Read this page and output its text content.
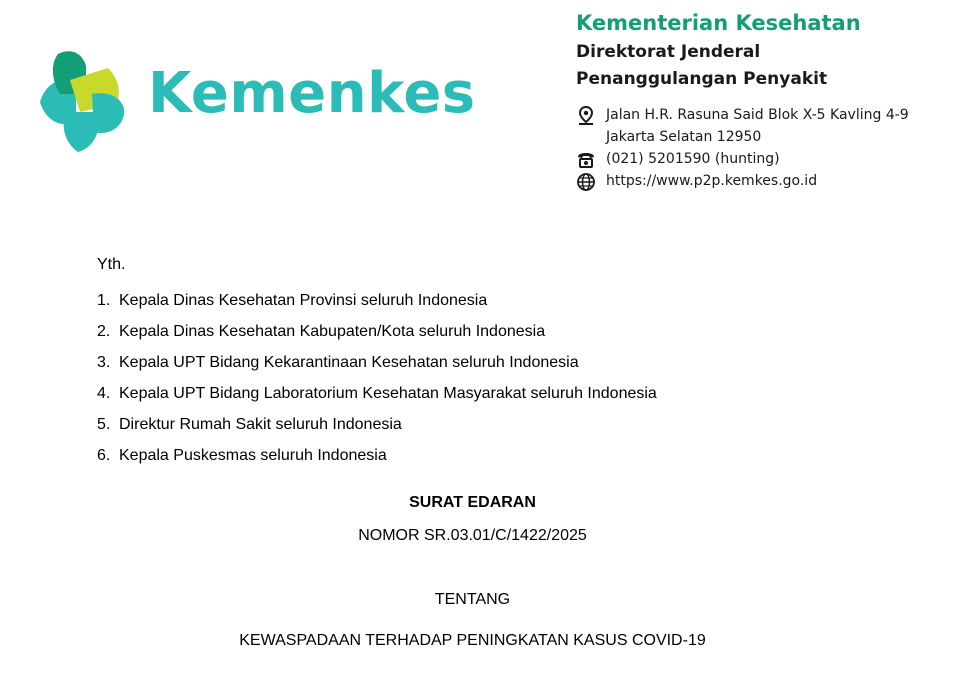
Kemenkes
Kementerian Kesehatan
Direktorat Jenderal
Penanggulangan Penyakit
Jalan H.R. Rasuna Said Blok X-5 Kavling 4-9
Jakarta Selatan 12950
(021) 5201590 (hunting)
https://www.p2p.kemkes.go.id
Yth.
1. Kepala Dinas Kesehatan Provinsi seluruh Indonesia
2. Kepala Dinas Kesehatan Kabupaten/Kota seluruh Indonesia
3. Kepala UPT Bidang Kekarantinaan Kesehatan seluruh Indonesia
4. Kepala UPT Bidang Laboratorium Kesehatan Masyarakat seluruh Indonesia
5. Direktur Rumah Sakit seluruh Indonesia
6. Kepala Puskesmas seluruh Indonesia
SURAT EDARAN
NOMOR SR.03.01/C/1422/2025
TENTANG
KEWASPADAAN TERHADAP PENINGKATAN KASUS COVID-19
